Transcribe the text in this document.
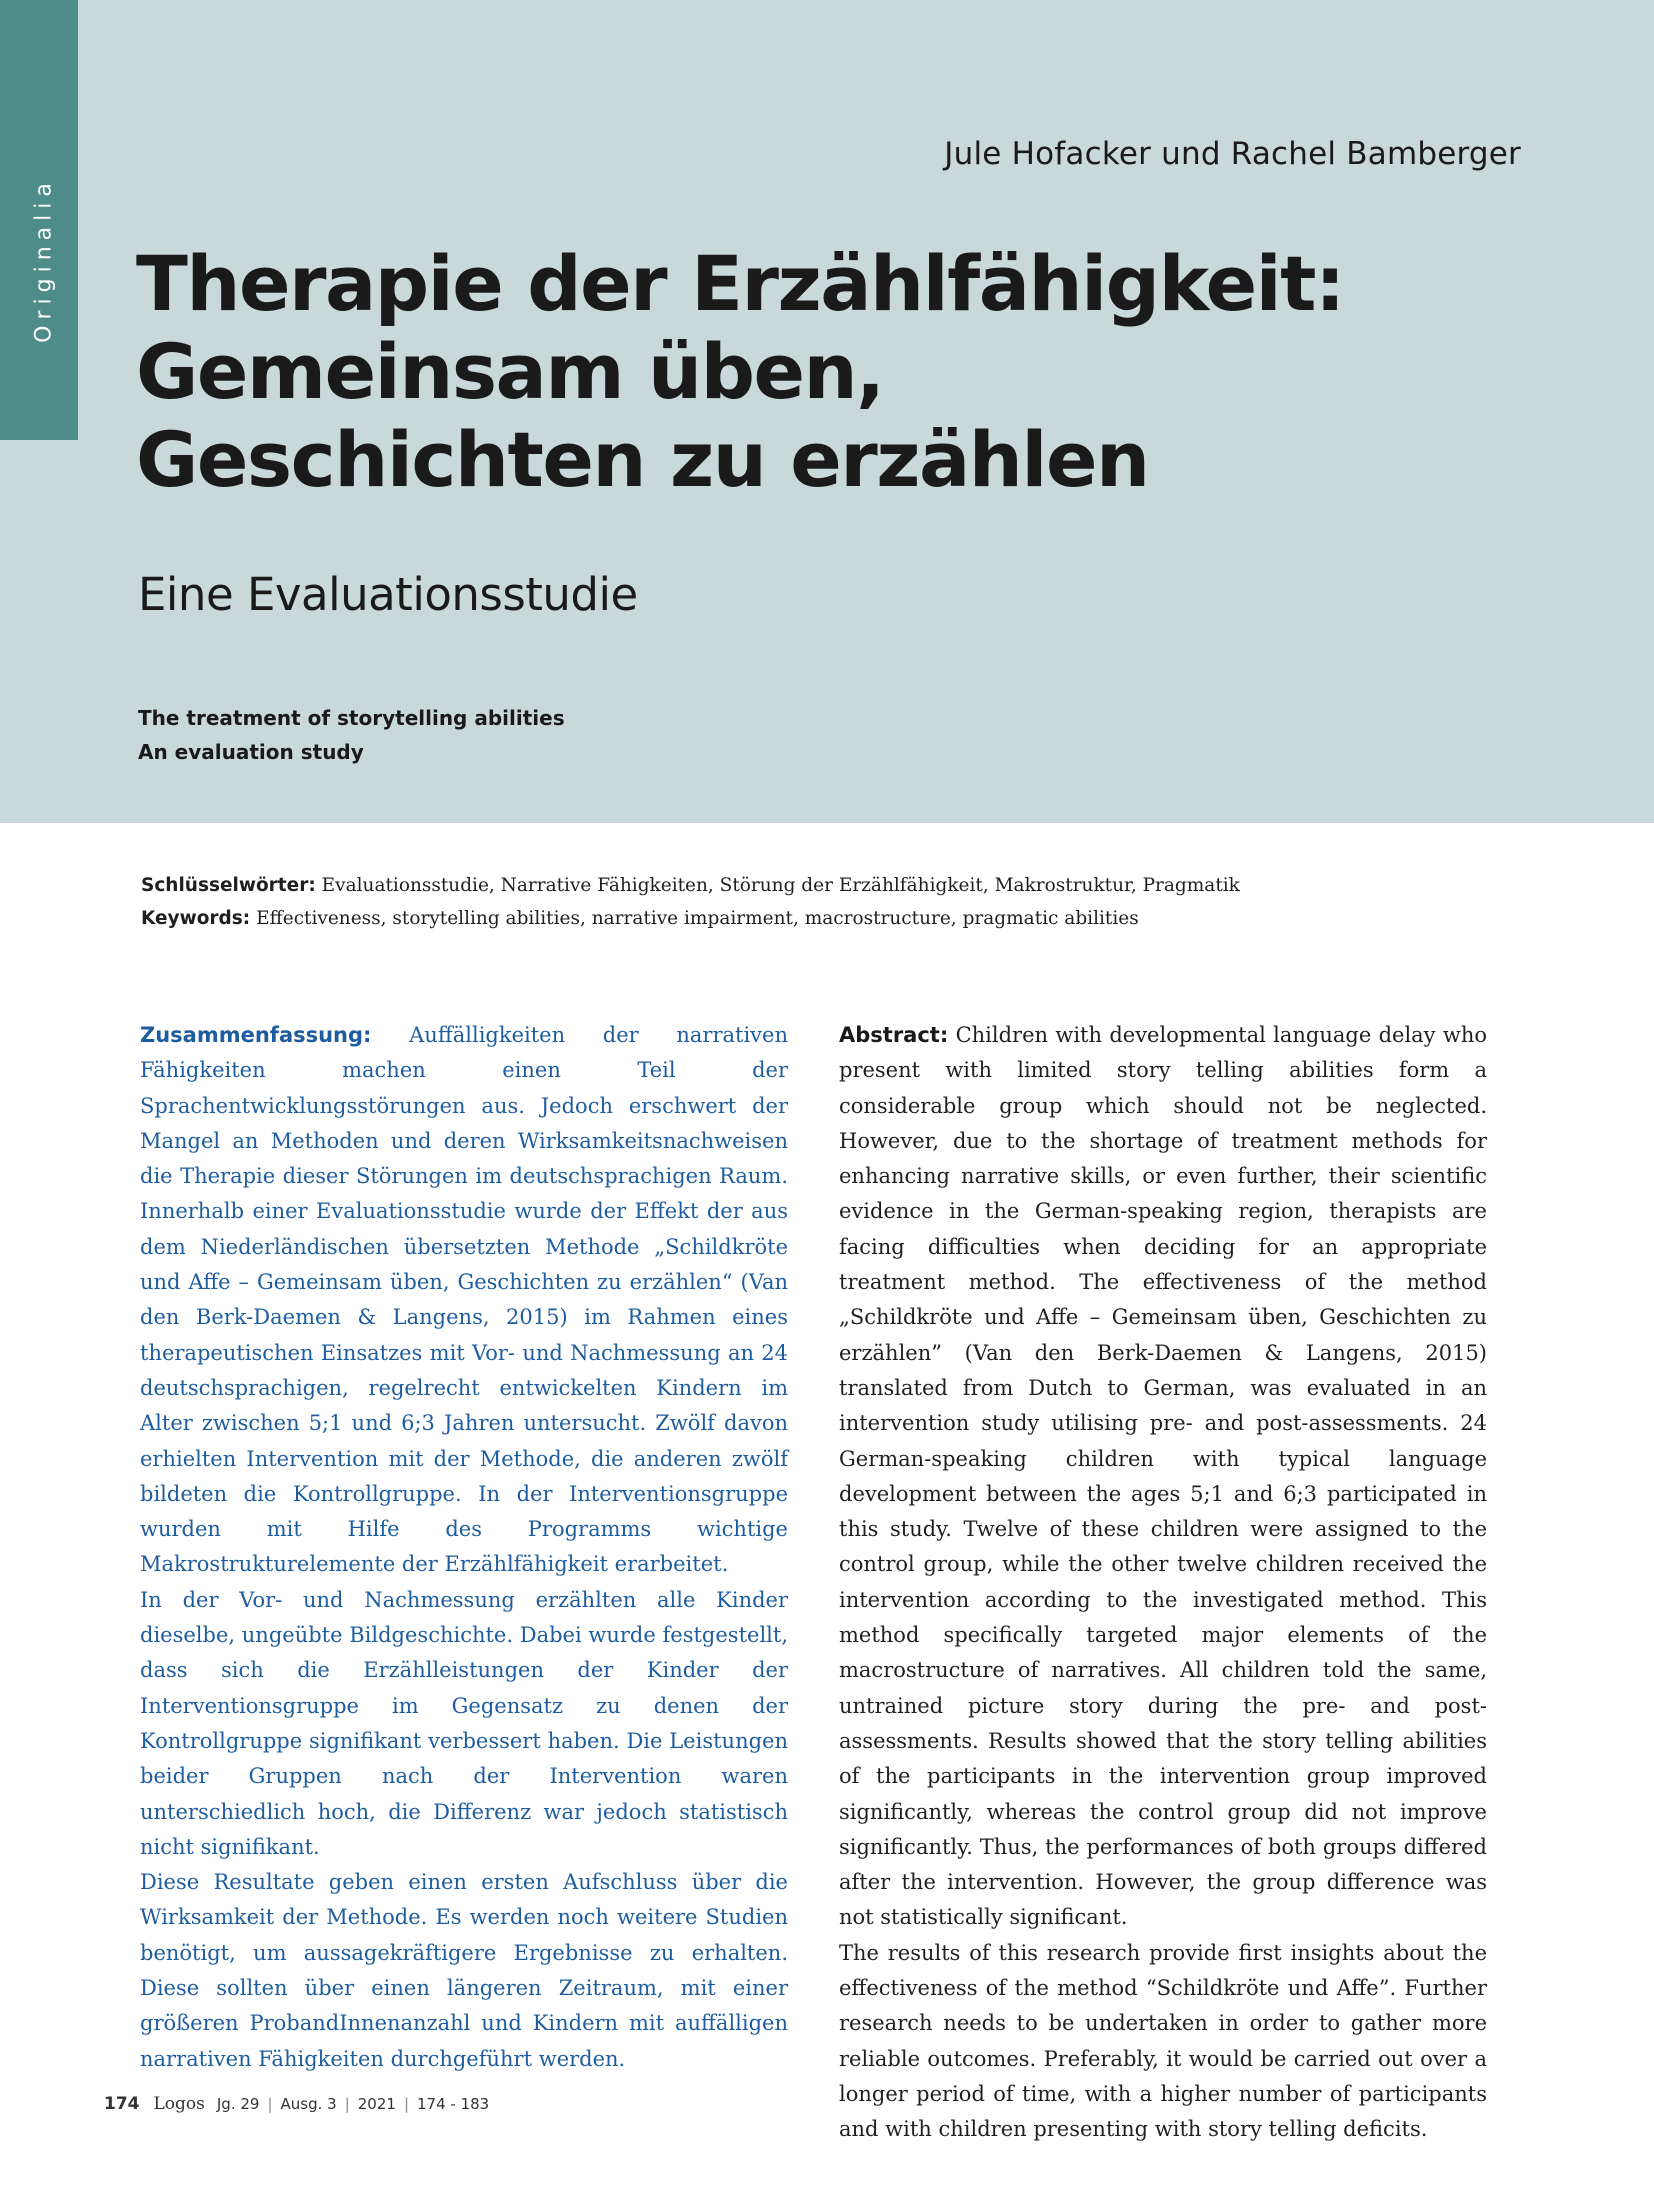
Originalia
Jule Hofacker und Rachel Bamberger
Therapie der Erzählfähigkeit:
Gemeinsam üben,
Geschichten zu erzählen
Eine Evaluationsstudie
The treatment of storytelling abilities
An evaluation study
Schlüsselwörter: Evaluationsstudie, Narrative Fähigkeiten, Störung der Erzählfähigkeit, Makrostruktur, Pragmatik
Keywords: Effectiveness, storytelling abilities, narrative impairment, macrostructure, pragmatic abilities

Zusammenfassung: Auffälligkeiten der narrativen Fähigkeiten machen einen Teil der Sprachentwicklungsstörungen aus. Jedoch erschwert der Mangel an Methoden und deren Wirksamkeitsnachweisen die Therapie dieser Störungen im deutschsprachigen Raum. Innerhalb einer Evaluationsstudie wurde der Effekt der aus dem Niederländischen übersetzten Methode „Schildkröte und Affe – Gemeinsam üben, Geschichten zu erzählen“ (Van den Berk-Daemen & Langens, 2015) im Rahmen eines therapeutischen Einsatzes mit Vor- und Nachmessung an 24 deutschsprachigen, regelrecht entwickelten Kindern im Alter zwischen 5;1 und 6;3 Jahren untersucht. Zwölf davon erhielten Intervention mit der Methode, die anderen zwölf bildeten die Kontrollgruppe. In der Interventionsgruppe wurden mit Hilfe des Programms wichtige Makrostrukturelemente der Erzählfähigkeit erarbeitet.

In der Vor- und Nachmessung erzählten alle Kinder dieselbe, ungeübte Bildgeschichte. Dabei wurde festgestellt, dass sich die Erzählleistungen der Kinder der Interventionsgruppe im Gegensatz zu denen der Kontrollgruppe signifikant verbessert haben. Die Leistungen beider Gruppen nach der Intervention waren unterschiedlich hoch, die Differenz war jedoch statistisch nicht signifikant.

Diese Resultate geben einen ersten Aufschluss über die Wirksamkeit der Methode. Es werden noch weitere Studien benötigt, um aussagekräftigere Ergebnisse zu erhalten. Diese sollten über einen längeren Zeitraum, mit einer größeren ProbandInnenanzahl und Kindern mit auffälligen narrativen Fähigkeiten durchgeführt werden.

Abstract: Children with developmental language delay who present with limited story telling abilities form a considerable group which should not be neglected. However, due to the shortage of treatment methods for enhancing narrative skills, or even further, their scientific evidence in the German-speaking region, therapists are facing difficulties when deciding for an appropriate treatment method. The effectiveness of the method „Schildkröte und Affe – Gemeinsam üben, Geschichten zu erzählen” (Van den Berk-Daemen & Langens, 2015) translated from Dutch to German, was evaluated in an intervention study utilising pre- and post-assessments. 24 German-speaking children with typical language development between the ages 5;1 and 6;3 participated in this study. Twelve of these children were assigned to the control group, while the other twelve children received the intervention according to the investigated method. This method specifically targeted major elements of the macrostructure of narratives. All children told the same, untrained picture story during the pre- and post- assessments. Results showed that the story telling abilities of the participants in the intervention group improved significantly, whereas the control group did not improve significantly. Thus, the performances of both groups differed after the intervention. However, the group difference was not statistically significant.

The results of this research provide first insights about the effectiveness of the method “Schildkröte und Affe”. Further research needs to be undertaken in order to gather more reliable outcomes. Preferably, it would be carried out over a longer period of time, with a higher number of participants and with children presenting with story telling deficits.

174 Logos Jg. 29 | Ausg. 3 | 2021 | 174 - 183
